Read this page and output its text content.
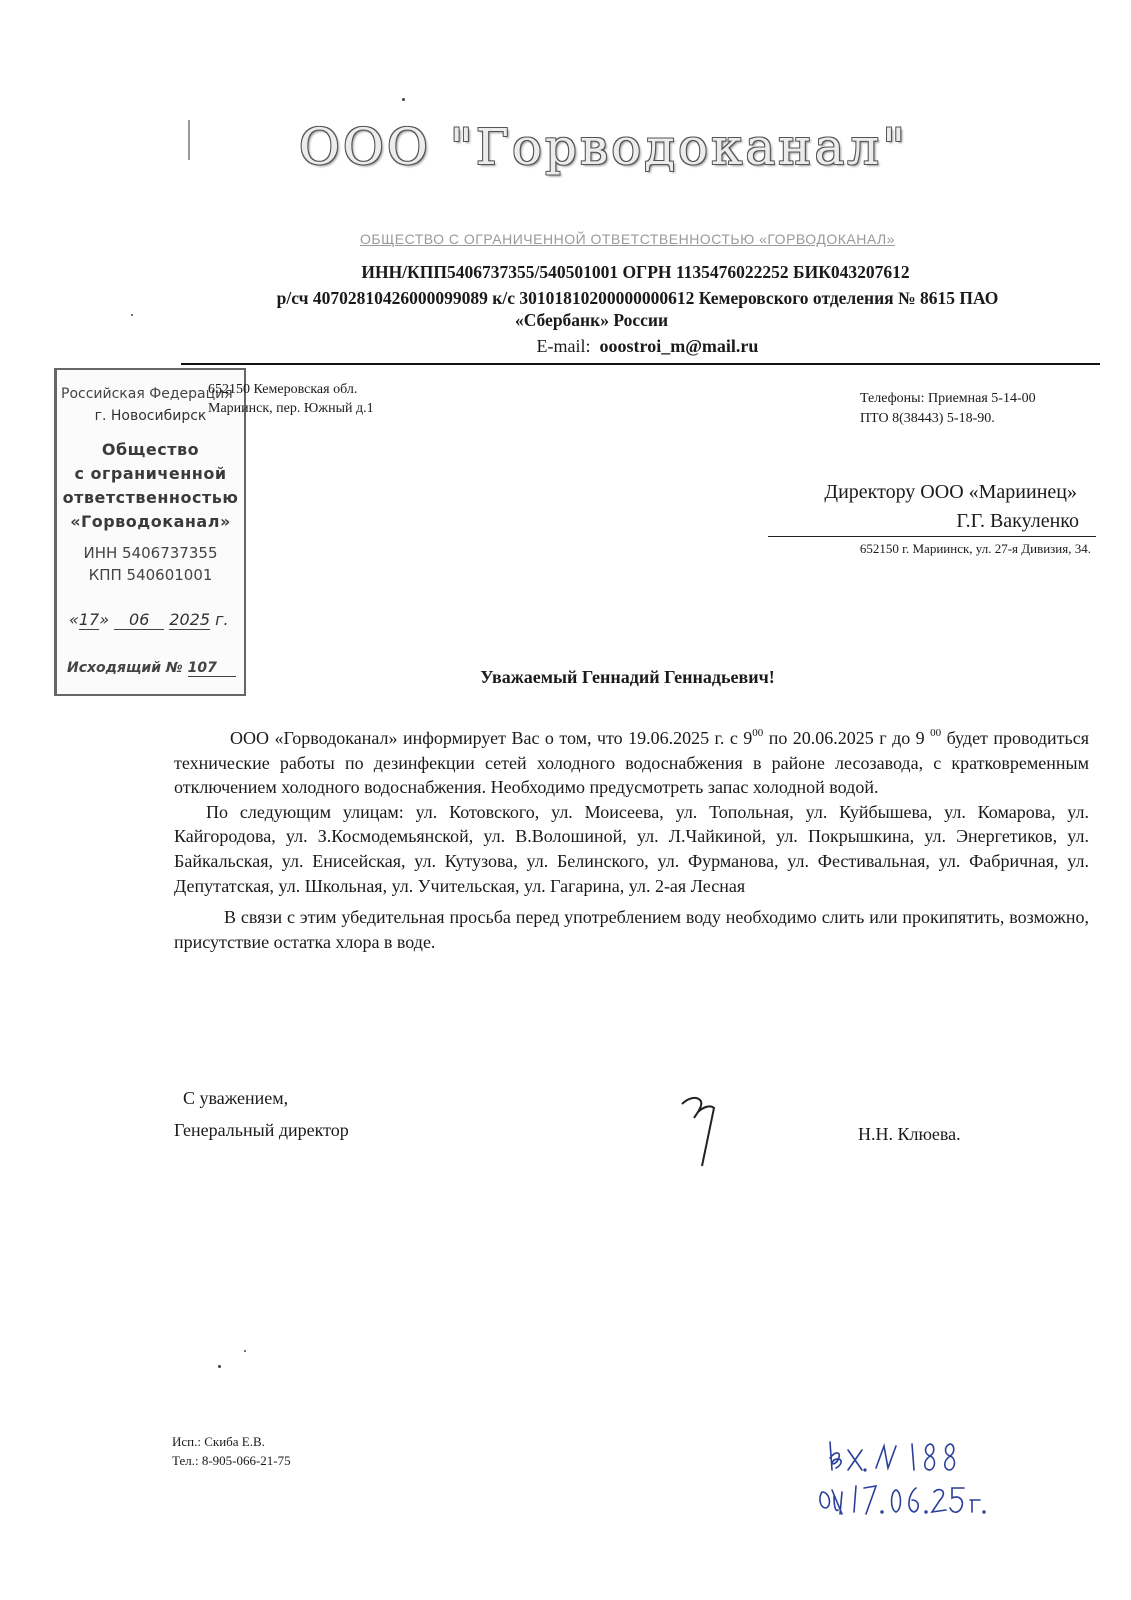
ООО "Горводоканал"
ОБЩЕСТВО С ОГРАНИЧЕННОЙ ОТВЕТСТВЕННОСТЬЮ «ГОРВОДОКАНАЛ»
ИНН/КПП5406737355/540501001 ОГРН 1135476022252 БИК043207612
р/сч 40702810426000099089 к/с 30101810200000000612 Кемеровского отделения № 8615 ПАО
«Сбербанк» России
E-mail: ooostroi_m@mail.ru
Российская Федерация
г. Новосибирск
Общество
с ограниченной
ответственностью
«Горводоканал»
ИНН 5406737355
КПП 540601001
«17» 06 2025 г.
Исходящий № 107
652150 Кемеровская обл.
Мариинск, пер. Южный д.1
Телефоны: Приемная 5-14-00
ПТО 8(38443) 5-18-90.
Директору ООО «Мариинец»
Г.Г. Вакуленко
652150 г. Мариинск, ул. 27-я Дивизия, 34.
Уважаемый Геннадий Геннадьевич!

ООО «Горводоканал» информирует Вас о том, что 19.06.2025 г. с $9^{00}$ по 20.06.2025 г до 9 $^{00}$ будет проводиться технические работы по дезинфекции сетей холодного водоснабжения в районе лесозавода, с кратковременным отключением холодного водоснабжения. Необходимо предусмотреть запас холодной водой.

По следующим улицам: ул. Котовского, ул. Моисеева, ул. Топольная, ул. Куйбышева, ул. Комарова, ул. Кайгородова, ул. З.Космодемьянской, ул. В.Волошиной, ул. Л.Чайкиной, ул. Покрышкина, ул. Энергетиков, ул. Байкальская, ул. Енисейская, ул. Кутузова, ул. Белинского, ул. Фурманова, ул. Фестивальная, ул. Фабричная, ул. Депутатская, ул. Школьная, ул. Учительская, ул. Гагарина, ул. 2-ая Лесная

В связи с этим убедительная просьба перед употреблением воду необходимо слить или прокипятить, возможно, присутствие остатка хлора в воде.

С уважением,
Генеральный директор	Н.Н. Клюева.
Исп.: Скиба Е.В.
Тел.: 8-905-066-21-75
